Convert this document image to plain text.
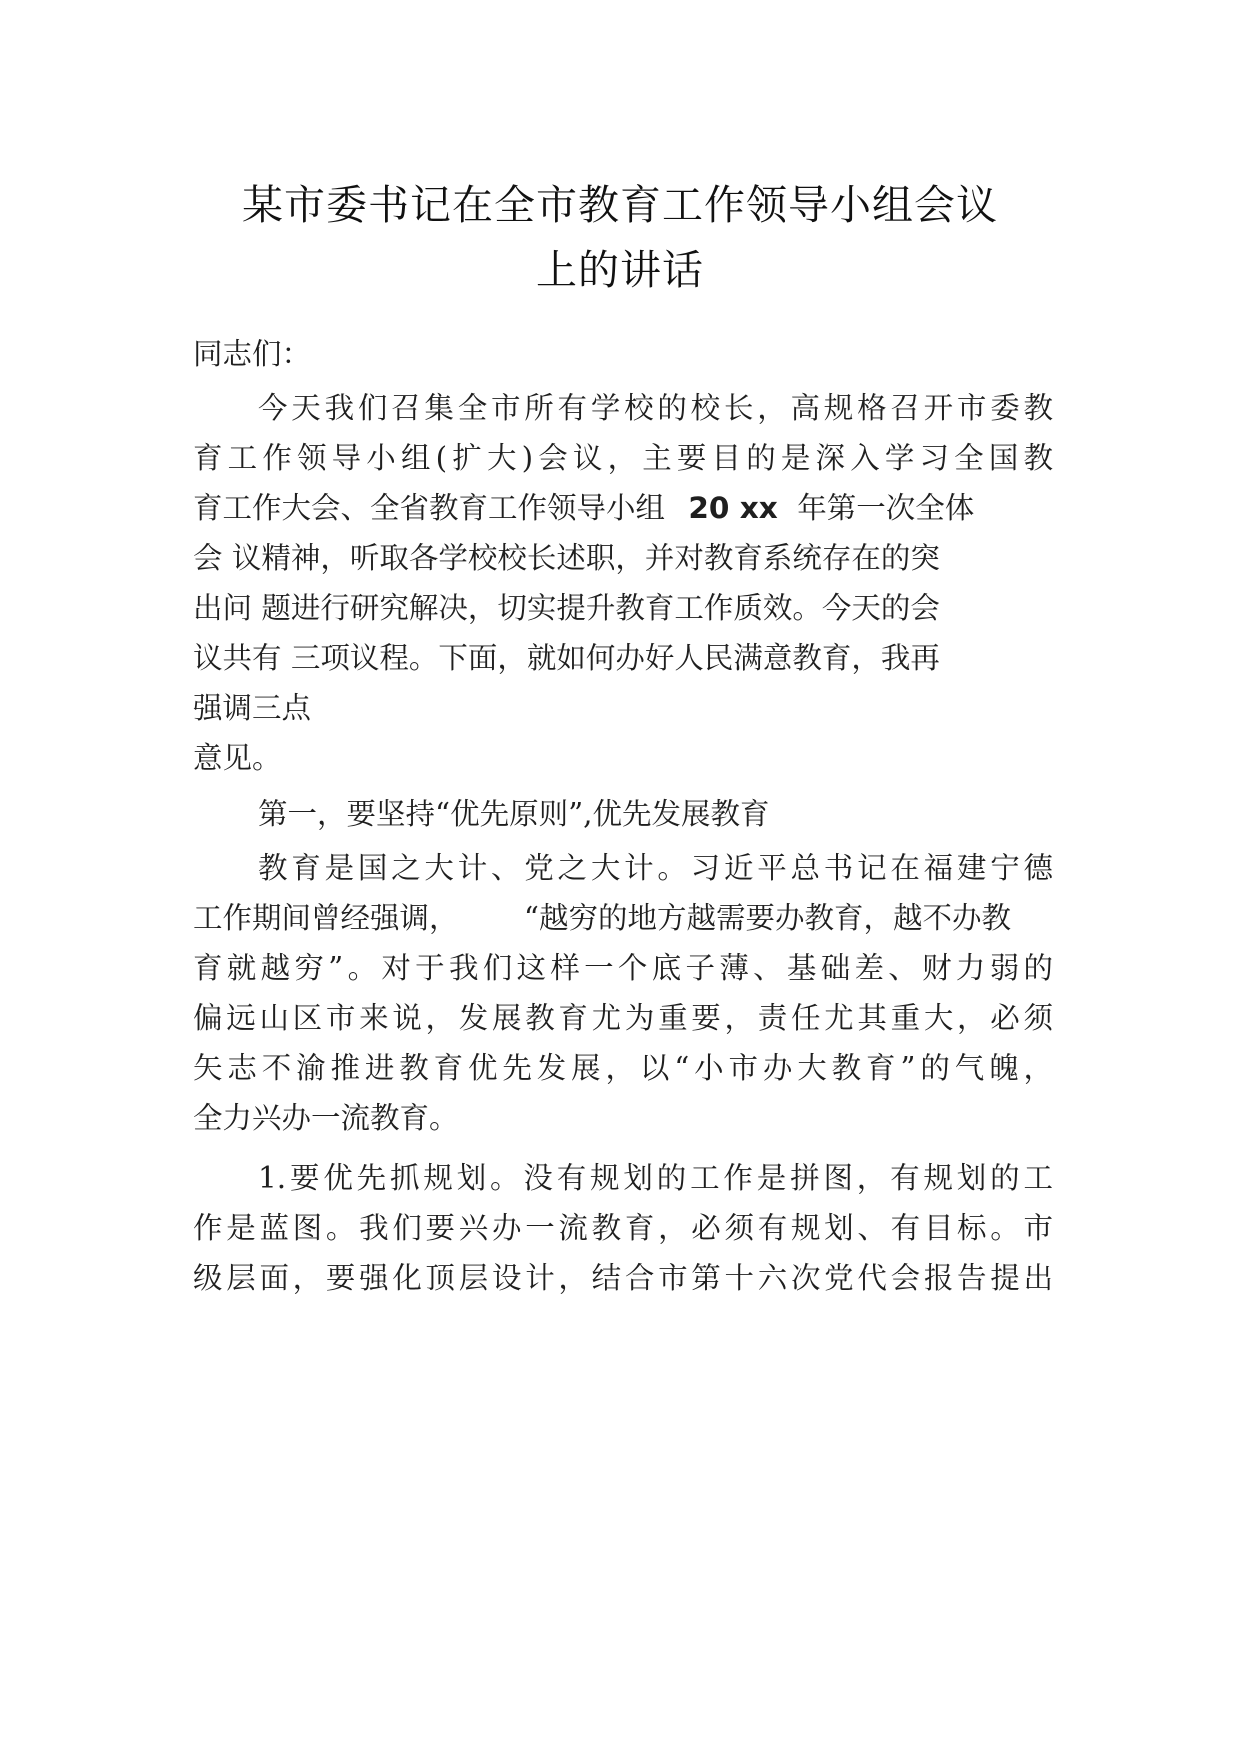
某市委书记在全市教育工作领导小组会议
上的讲话
同志们：
今天我们召集全市所有学校的校长，高规格召开市委教
育工作领导小组(扩大)会议，主要目的是深入学习全国教
育工作大会、全省教育工作领导小组 20 xx 年第一次全体
会 议精神，听取各学校校长述职，并对教育系统存在的突
出问 题进行研究解决，切实提升教育工作质效。今天的会
议共有 三项议程。下面，就如何办好人民满意教育，我再
强调三点
意见。
第一，要坚持“优先原则”,优先发展教育
教育是国之大计、党之大计。习近平总书记在福建宁德
工作期间曾经强调， “越穷的地方越需要办教育，越不办教
育就越穷”。对于我们这样一个底子薄、基础差、财力弱的
偏远山区市来说，发展教育尤为重要，责任尤其重大，必须
矢志不渝推进教育优先发展，以“小市办大教育”的气魄，
全力兴办一流教育。
1.要优先抓规划。没有规划的工作是拼图，有规划的工
作是蓝图。我们要兴办一流教育，必须有规划、有目标。市
级层面，要强化顶层设计，结合市第十六次党代会报告提出
